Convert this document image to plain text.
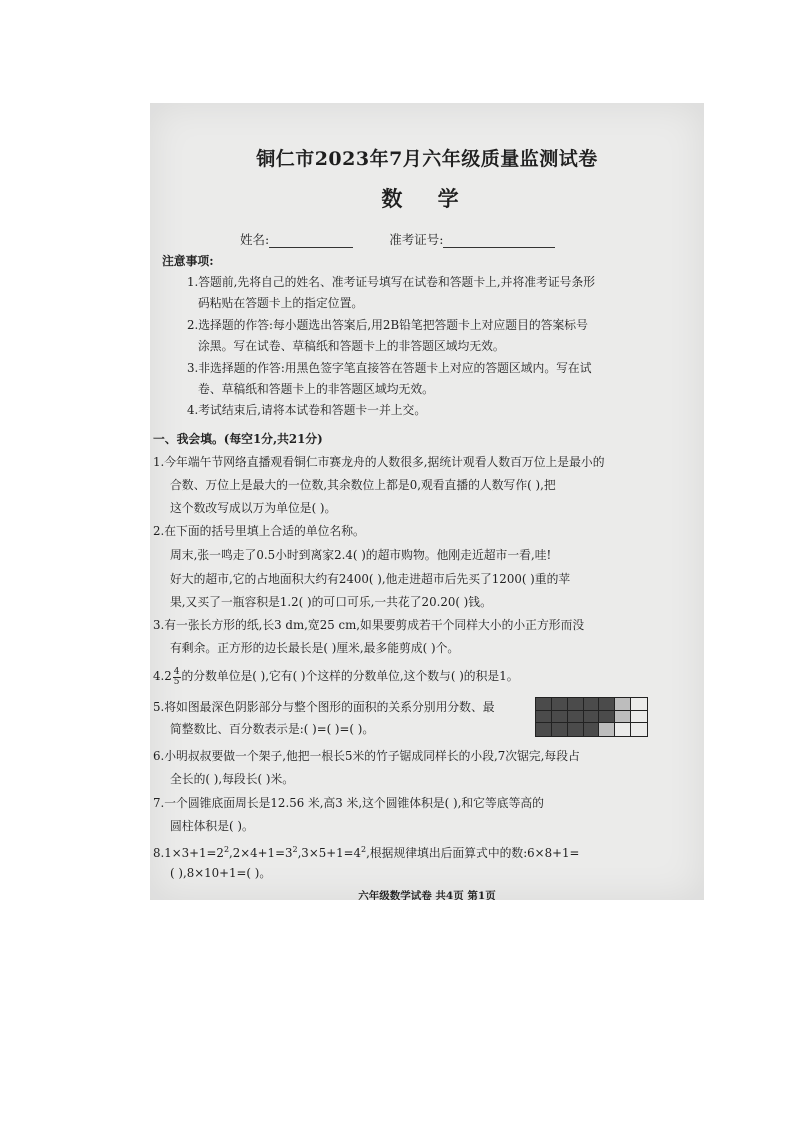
铜仁市2023年7月六年级质量监测试卷
数 学
姓名:	准考证号:
注意事项:
1.答题前,先将自己的姓名、准考证号填写在试卷和答题卡上,并将准考证号条形
码粘贴在答题卡上的指定位置。
2.选择题的作答:每小题选出答案后,用2B铅笔把答题卡上对应题目的答案标号
涂黑。写在试卷、草稿纸和答题卡上的非答题区域均无效。
3.非选择题的作答:用黑色签字笔直接答在答题卡上对应的答题区域内。写在试
卷、草稿纸和答题卡上的非答题区域均无效。
4.考试结束后,请将本试卷和答题卡一并上交。
一、我会填。(每空1分,共21分)
1.今年端午节网络直播观看铜仁市赛龙舟的人数很多,据统计观看人数百万位上是最小的
合数、万位上是最大的一位数,其余数位上都是0,观看直播的人数写作( ),把
这个数改写成以万为单位是( )。
2.在下面的括号里填上合适的单位名称。
周末,张一鸣走了0.5小时到离家2.4( )的超市购物。他刚走近超市一看,哇!
好大的超市,它的占地面积大约有2400( ),他走进超市后先买了1200( )重的苹
果,又买了一瓶容积是1.2( )的可口可乐,一共花了20.20( )钱。
3.有一张长方形的纸,长3 dm,宽25 cm,如果要剪成若干个同样大小的小正方形而没
有剩余。正方形的边长最长是( )厘米,最多能剪成( )个。
$4.2 \frac{4}{5}$ 的分数单位是( ),它有( )个这样的分数单位,这个数与( )的积是1。
5.将如图最深色阴影部分与整个图形的面积的关系分别用分数、最
简整数比、百分数表示是:( )=( )=( )。
6.小明叔叔要做一个架子,他把一根长5米的竹子锯成同样长的小段,7次锯完,每段占
全长的( ),每段长( )米。
7.一个圆锥底面周长是12.56 米,高3 米,这个圆锥体积是( ),和它等底等高的
圆柱体积是( )。
$8.1\times 3+1=2^2,2\times 4+1=3^2,3\times 5+1=4^2$,根据规律填出后面算式中的数:6×8+1=
( ),8×10+1=( )。
六年级数学试卷 共4页 第1页
